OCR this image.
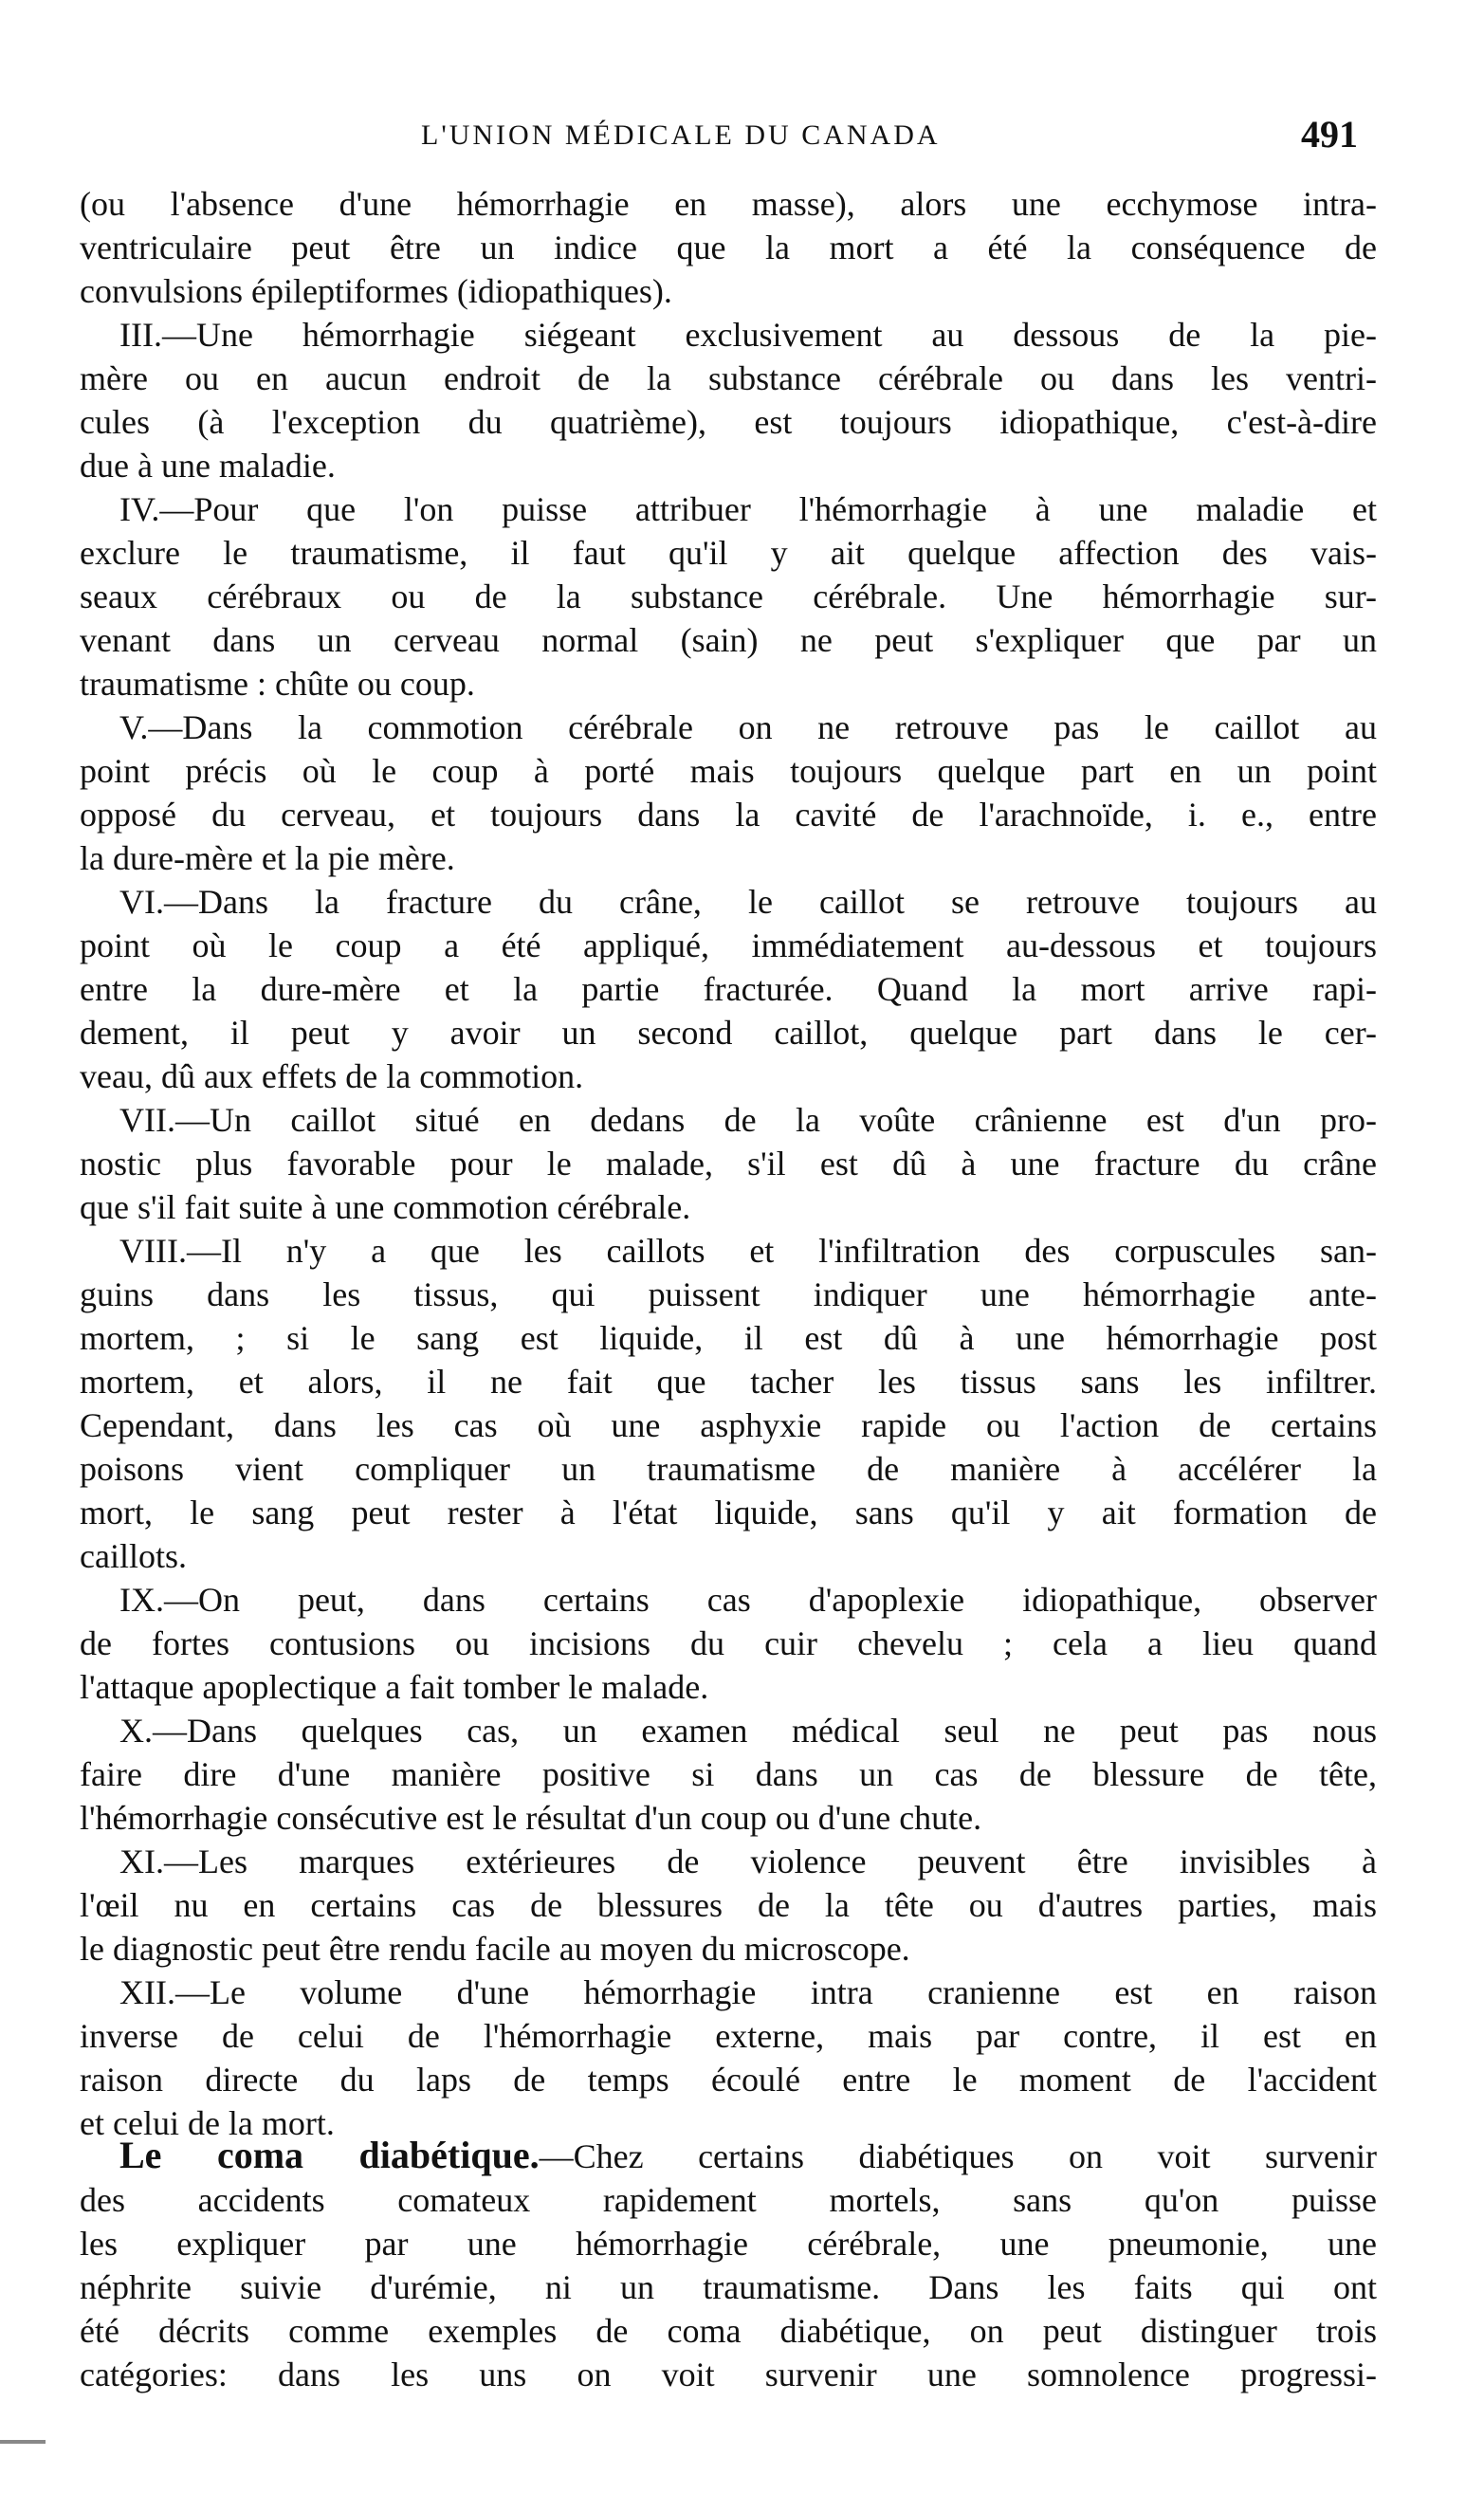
L'UNION MÉDICALE DU CANADA	491
(ou l'absence d'une hémorrhagie en masse), alors une ecchymose intra-
ventriculaire peut être un indice que la mort a été la conséquence de
convulsions épileptiformes (idiopathiques).
III.—Une hémorrhagie siégeant exclusivement au dessous de la pie-
mère ou en aucun endroit de la substance cérébrale ou dans les ventri-
cules (à l'exception du quatrième), est toujours idiopathique, c'est-à-dire
due à une maladie.
IV.—Pour que l'on puisse attribuer l'hémorrhagie à une maladie et
exclure le traumatisme, il faut qu'il y ait quelque affection des vais-
seaux cérébraux ou de la substance cérébrale. Une hémorrhagie sur-
venant dans un cerveau normal (sain) ne peut s'expliquer que par un
traumatisme : chûte ou coup.
V.—Dans la commotion cérébrale on ne retrouve pas le caillot au
point précis où le coup à porté mais toujours quelque part en un point
opposé du cerveau, et toujours dans la cavité de l'arachnoïde, i. e., entre
la dure-mère et la pie mère.
VI.—Dans la fracture du crâne, le caillot se retrouve toujours au
point où le coup a été appliqué, immédiatement au-dessous et toujours
entre la dure-mère et la partie fracturée. Quand la mort arrive rapi-
dement, il peut y avoir un second caillot, quelque part dans le cer-
veau, dû aux effets de la commotion.
VII.—Un caillot situé en dedans de la voûte crânienne est d'un pro-
nostic plus favorable pour le malade, s'il est dû à une fracture du crâne
que s'il fait suite à une commotion cérébrale.
VIII.—Il n'y a que les caillots et l'infiltration des corpuscules san-
guins dans les tissus, qui puissent indiquer une hémorrhagie ante-
mortem, ; si le sang est liquide, il est dû à une hémorrhagie post
mortem, et alors, il ne fait que tacher les tissus sans les infiltrer.
Cependant, dans les cas où une asphyxie rapide ou l'action de certains
poisons vient compliquer un traumatisme de manière à accélérer la
mort, le sang peut rester à l'état liquide, sans qu'il y ait formation de
caillots.
IX.—On peut, dans certains cas d'apoplexie idiopathique, observer
de fortes contusions ou incisions du cuir chevelu ; cela a lieu quand
l'attaque apoplectique a fait tomber le malade.
X.—Dans quelques cas, un examen médical seul ne peut pas nous
faire dire d'une manière positive si dans un cas de blessure de tête,
l'hémorrhagie consécutive est le résultat d'un coup ou d'une chute.
XI.—Les marques extérieures de violence peuvent être invisibles à
l'œil nu en certains cas de blessures de la tête ou d'autres parties, mais
le diagnostic peut être rendu facile au moyen du microscope.
XII.—Le volume d'une hémorrhagie intra cranienne est en raison
inverse de celui de l'hémorrhagie externe, mais par contre, il est en
raison directe du laps de temps écoulé entre le moment de l'accident
et celui de la mort.
Le coma diabétique.—Chez certains diabétiques on voit survenir
des accidents comateux rapidement mortels, sans qu'on puisse
les expliquer par une hémorrhagie cérébrale, une pneumonie, une
néphrite suivie d'urémie, ni un traumatisme. Dans les faits qui ont
été décrits comme exemples de coma diabétique, on peut distinguer trois
catégories: dans les uns on voit survenir une somnolence progressi-
